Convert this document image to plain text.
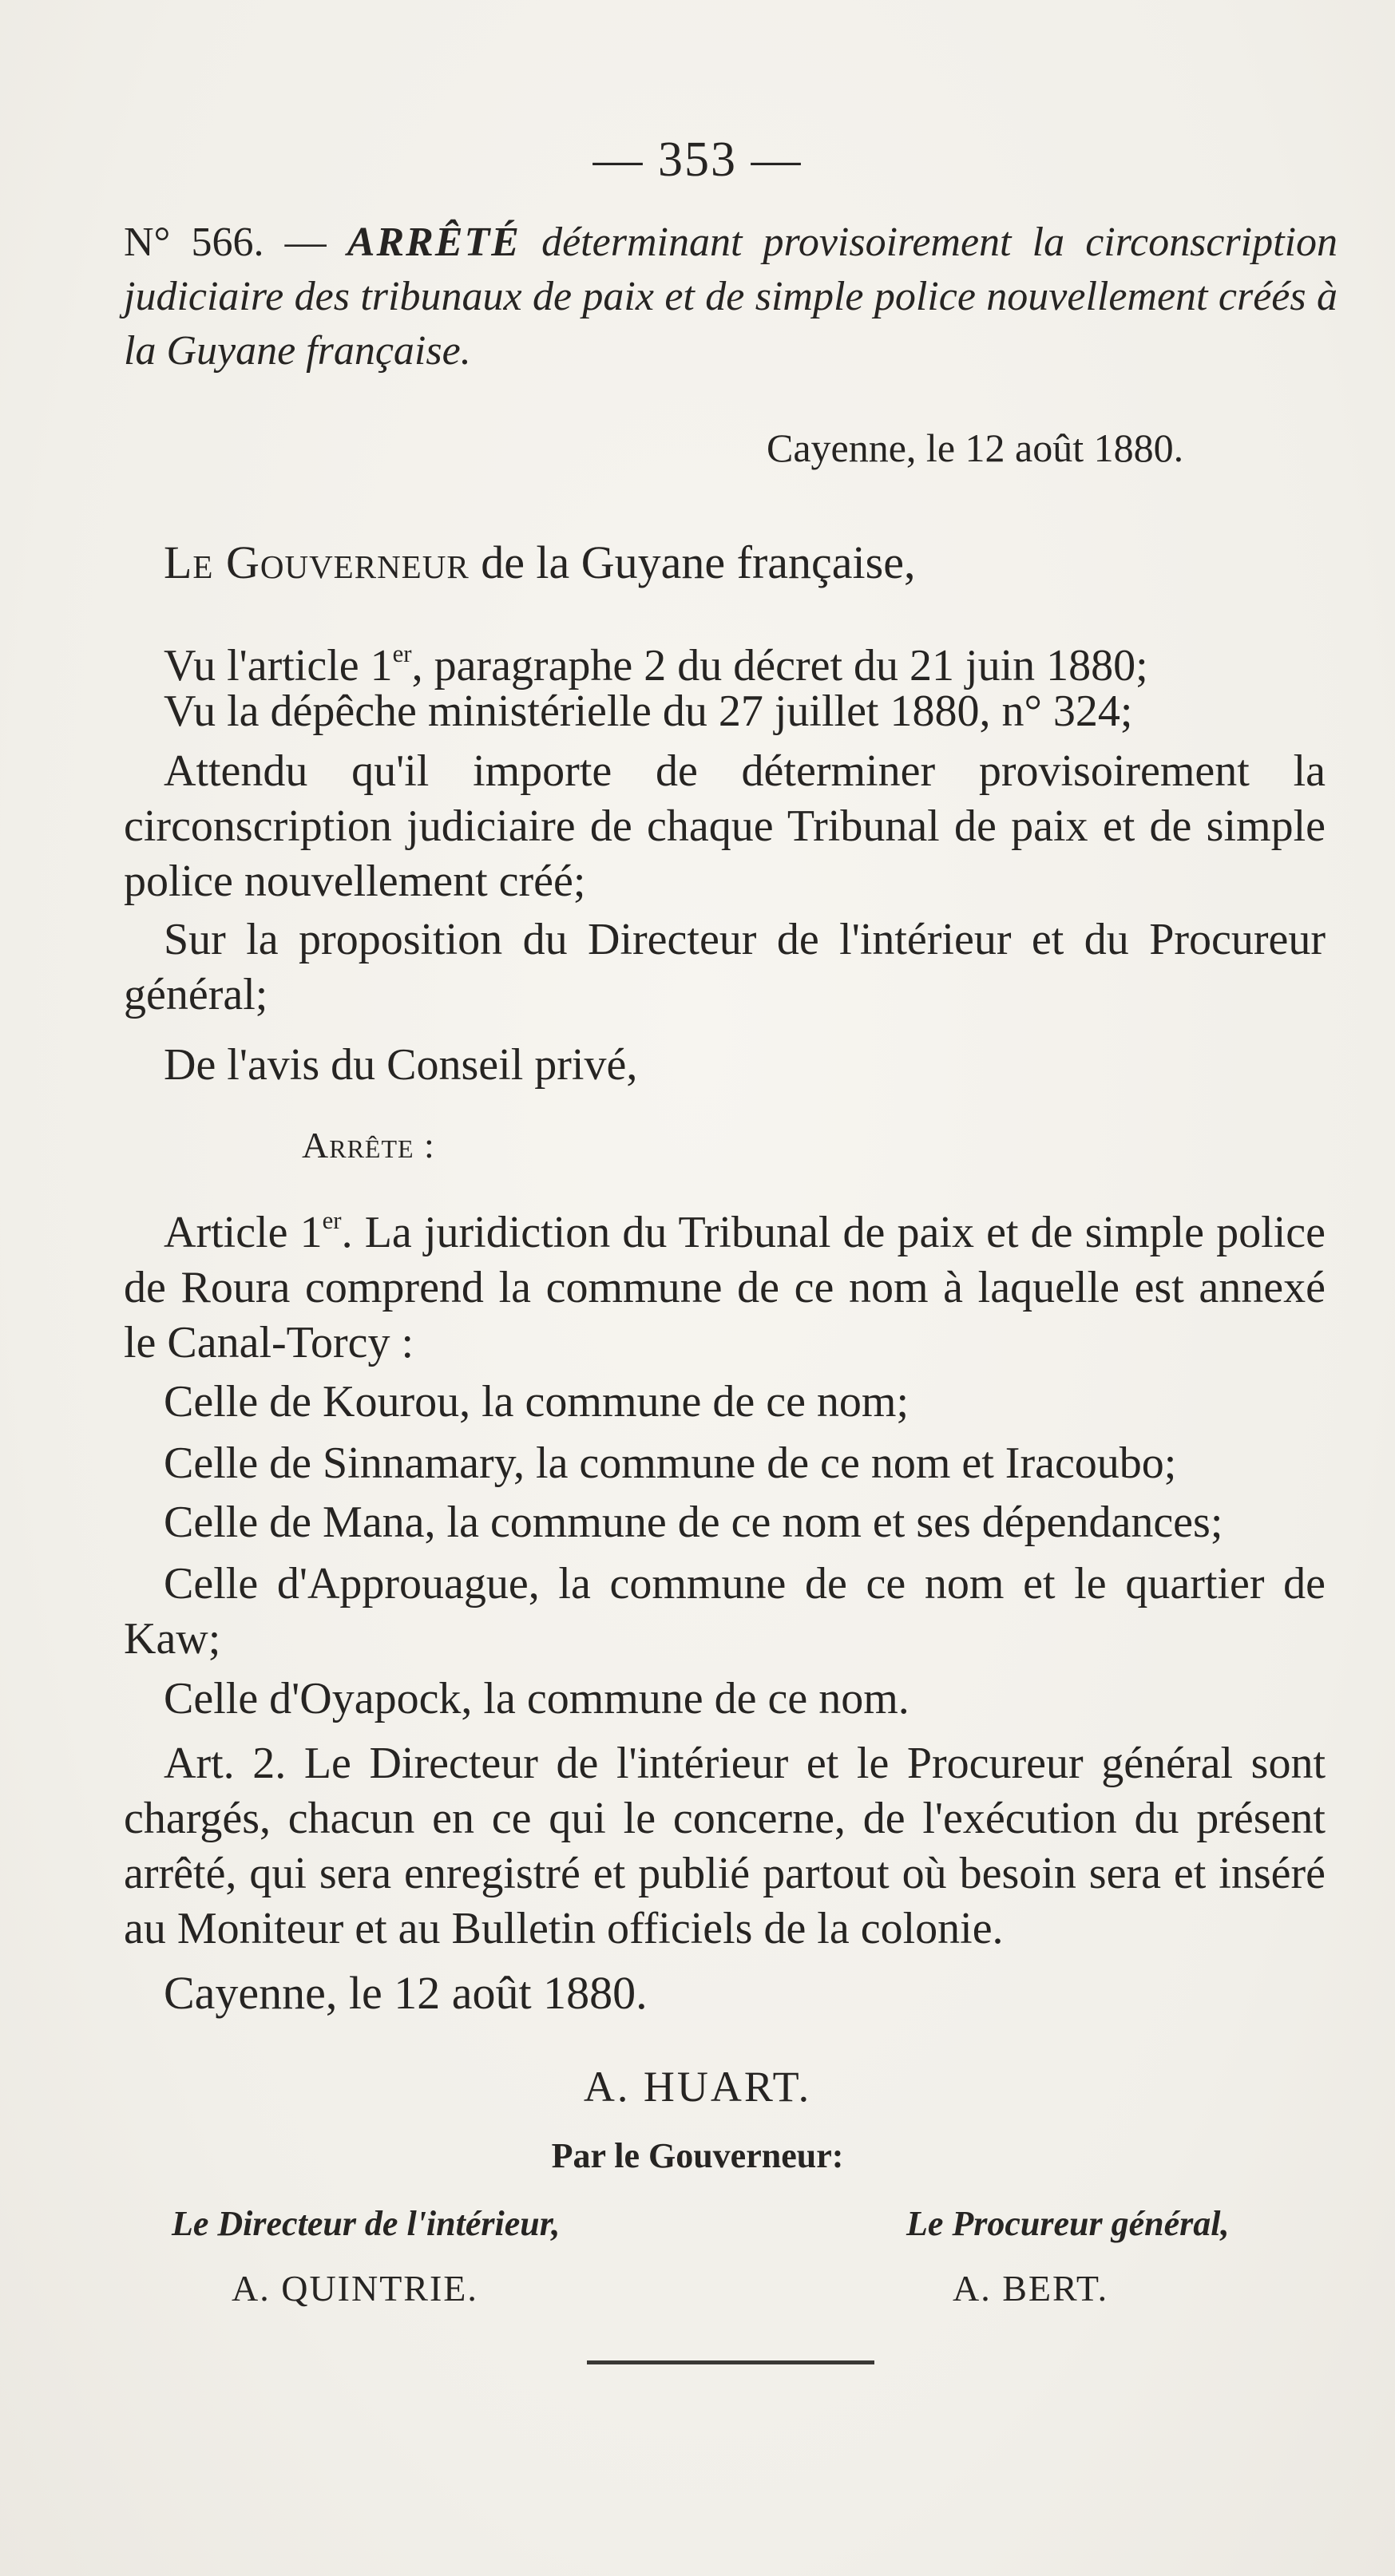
— 353 —
N° 566. — ARRÊTÉ déterminant provisoirement la circonscription judiciaire des tribunaux de paix et de simple police nouvellement créés à la Guyane française.
Cayenne, le 12 août 1880.
Le Gouverneur de la Guyane française,
Vu l'article 1er, paragraphe 2 du décret du 21 juin 1880;
Vu la dépêche ministérielle du 27 juillet 1880, n° 324;
Attendu qu'il importe de déterminer provisoirement la circonscription judiciaire de chaque Tribunal de paix et de simple police nouvellement créé;
Sur la proposition du Directeur de l'intérieur et du Procureur général;
De l'avis du Conseil privé,
Arrête :
Article 1er. La juridiction du Tribunal de paix et de simple police de Roura comprend la commune de ce nom à laquelle est annexé le Canal-Torcy :
Celle de Kourou, la commune de ce nom;
Celle de Sinnamary, la commune de ce nom et Iracoubo;
Celle de Mana, la commune de ce nom et ses dépendances;
Celle d'Approuague, la commune de ce nom et le quartier de Kaw;
Celle d'Oyapock, la commune de ce nom.
Art. 2. Le Directeur de l'intérieur et le Procureur général sont chargés, chacun en ce qui le concerne, de l'exécution du présent arrêté, qui sera enregistré et publié partout où besoin sera et inséré au Moniteur et au Bulletin officiels de la colonie.
Cayenne, le 12 août 1880.
A. HUART.
Par le Gouverneur:
Le Directeur de l'intérieur,	Le Procureur général,
A. QUINTRIE.	A. BERT.
